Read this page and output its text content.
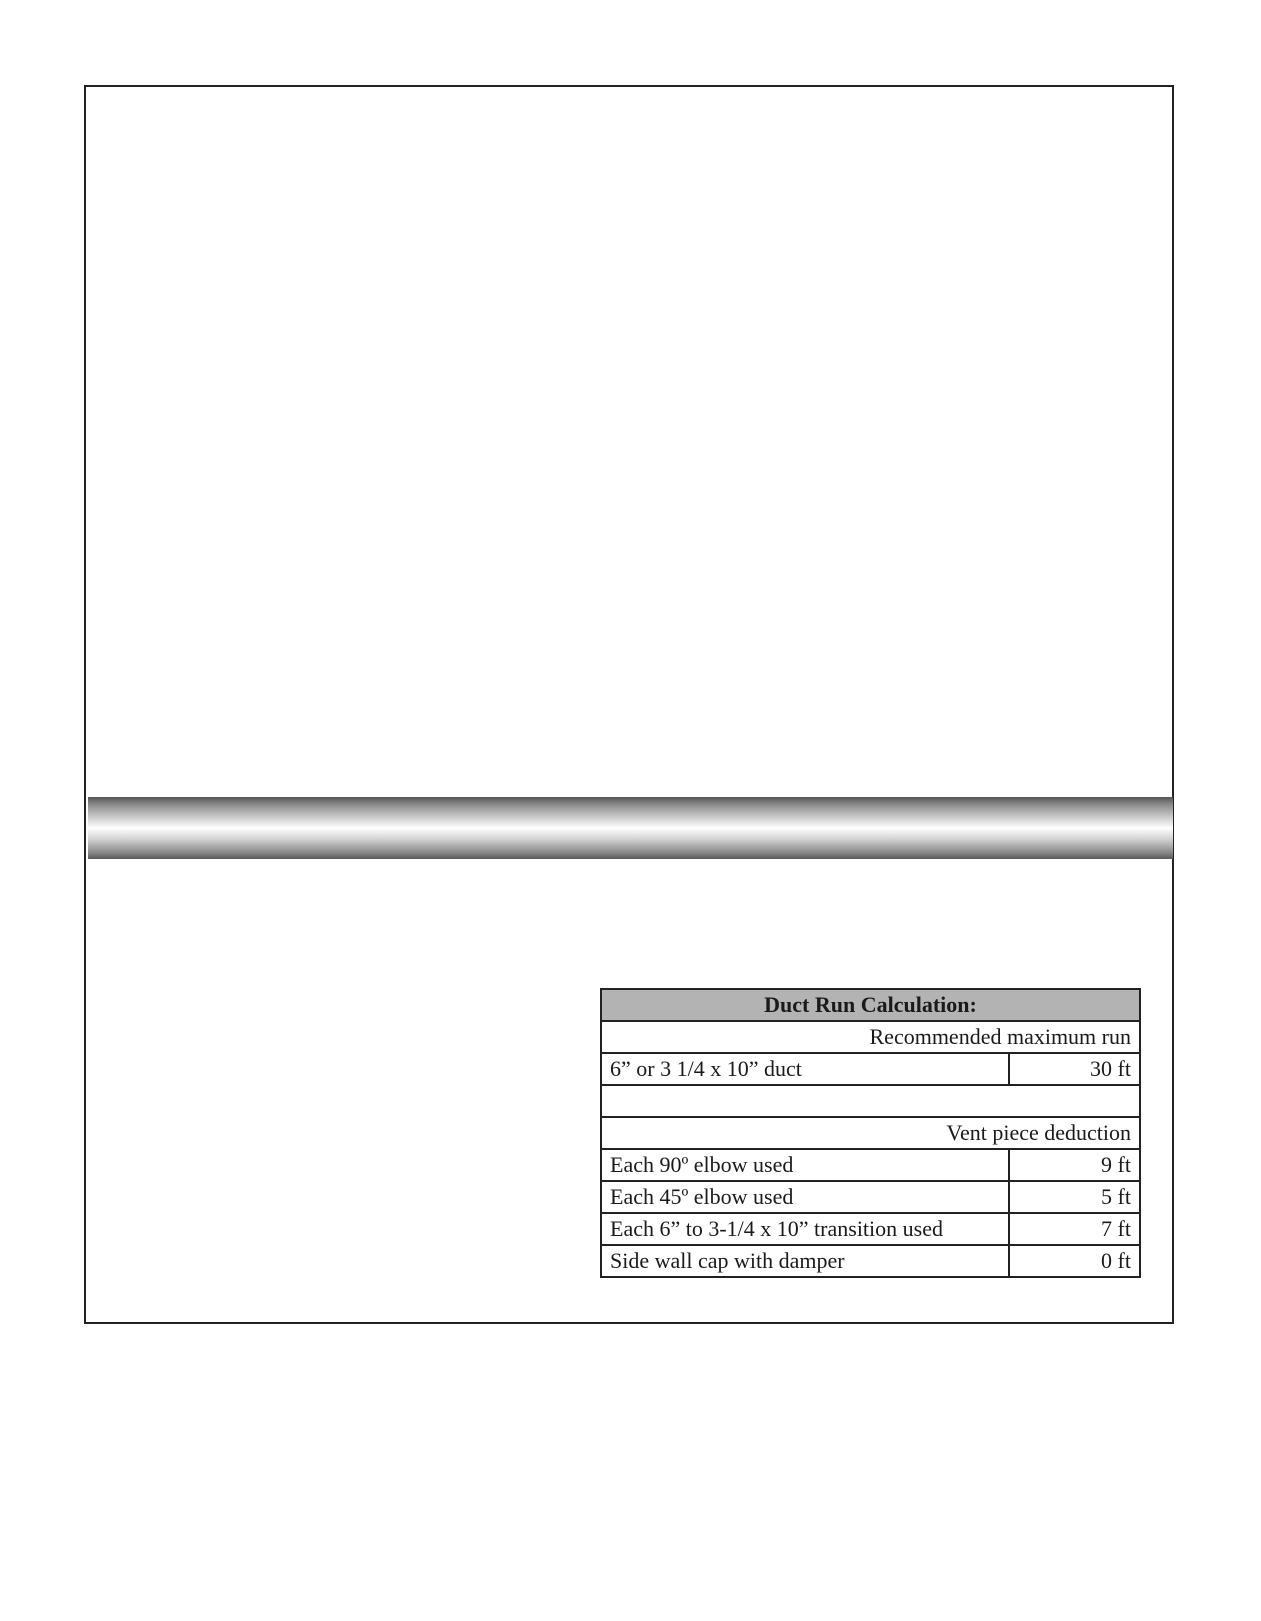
Duct Run Calculation:	
Recommended maximum run	
6” or 3 1/4 x 10” duct	30 ft

Vent piece deduction	
Each 90º elbow used	9 ft
Each 45º elbow used	5 ft
Each 6” to 3-1/4 x 10” transition used	7 ft
Side wall cap with damper	0 ft
